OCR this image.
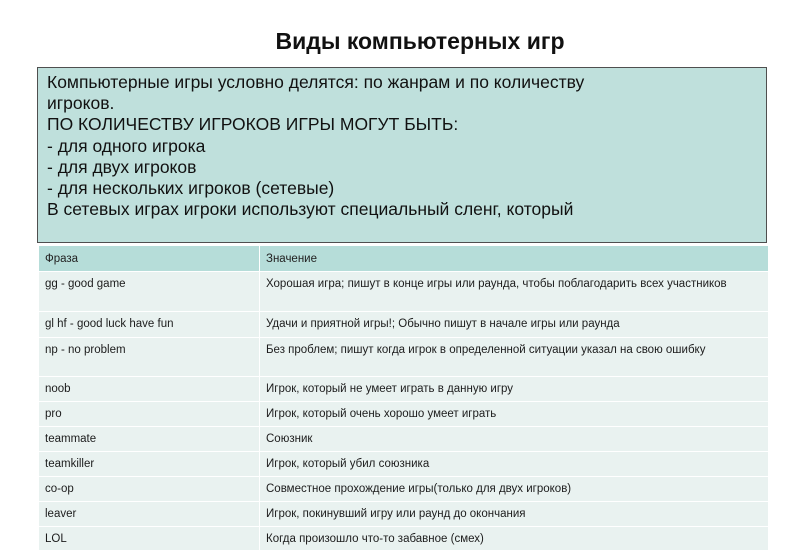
Виды компьютерных игр
Компьютерные игры условно делятся: по жанрам и по количеству
игроков.
ПО КОЛИЧЕСТВУ ИГРОКОВ ИГРЫ МОГУТ БЫТЬ:
- для одного игрока
- для двух игроков
- для нескольких игроков (сетевые)
В сетевых играх игроки используют специальный сленг, который
Фраза	Значение
gg - good game	Хорошая игра; пишут в конце игры или раунда, чтобы поблагодарить всех участников
gl hf - good luck have fun	Удачи и приятной игры!; Обычно пишут в начале игры или раунда
np - no problem	Без проблем; пишут когда игрок в определенной ситуации указал на свою ошибку
noob	Игрок, который не умеет играть в данную игру
pro	Игрок, который очень хорошо умеет играть
teammate	Союзник
teamkiller	Игрок, который убил союзника
co-op	Совместное прохождение игры(только для двух игроков)
leaver	Игрок, покинувший игру или раунд до окончания
LOL	Когда произошло что-то забавное (смех)
